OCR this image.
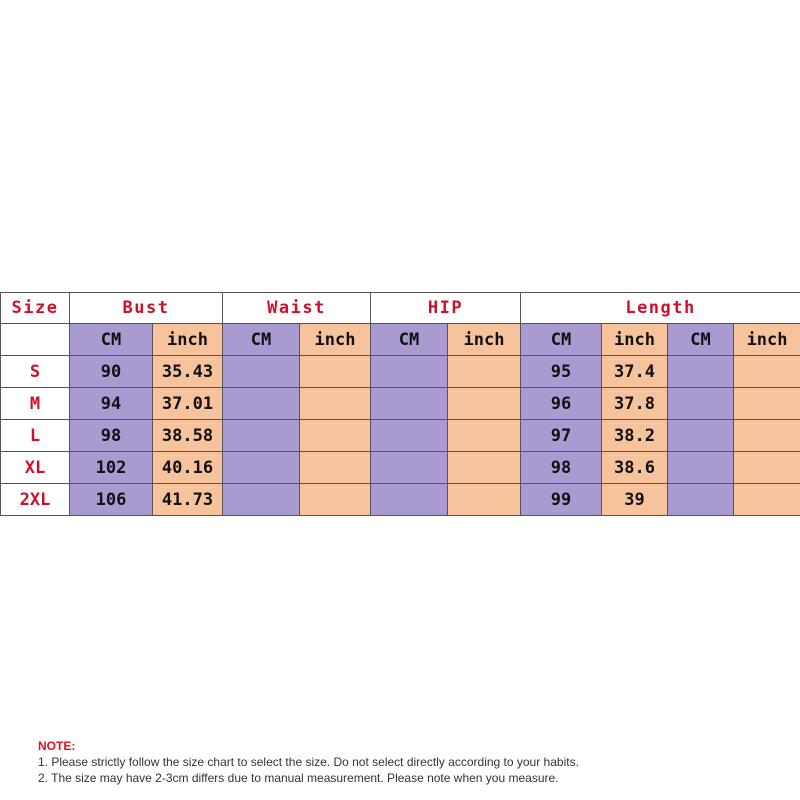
Size	Bust		Waist		HIP		Length			
	CM	inch	CM	inch	CM	inch	CM	inch	CM	inch
S	90	35.43					95	37.4		
M	94	37.01					96	37.8		
L	98	38.58					97	38.2		
XL	102	40.16					98	38.6		
2XL	106	41.73					99	39		
NOTE:
1. Please strictly follow the size chart to select the size. Do not select directly according to your habits.
2. The size may have 2-3cm differs due to manual measurement. Please note when you measure.
